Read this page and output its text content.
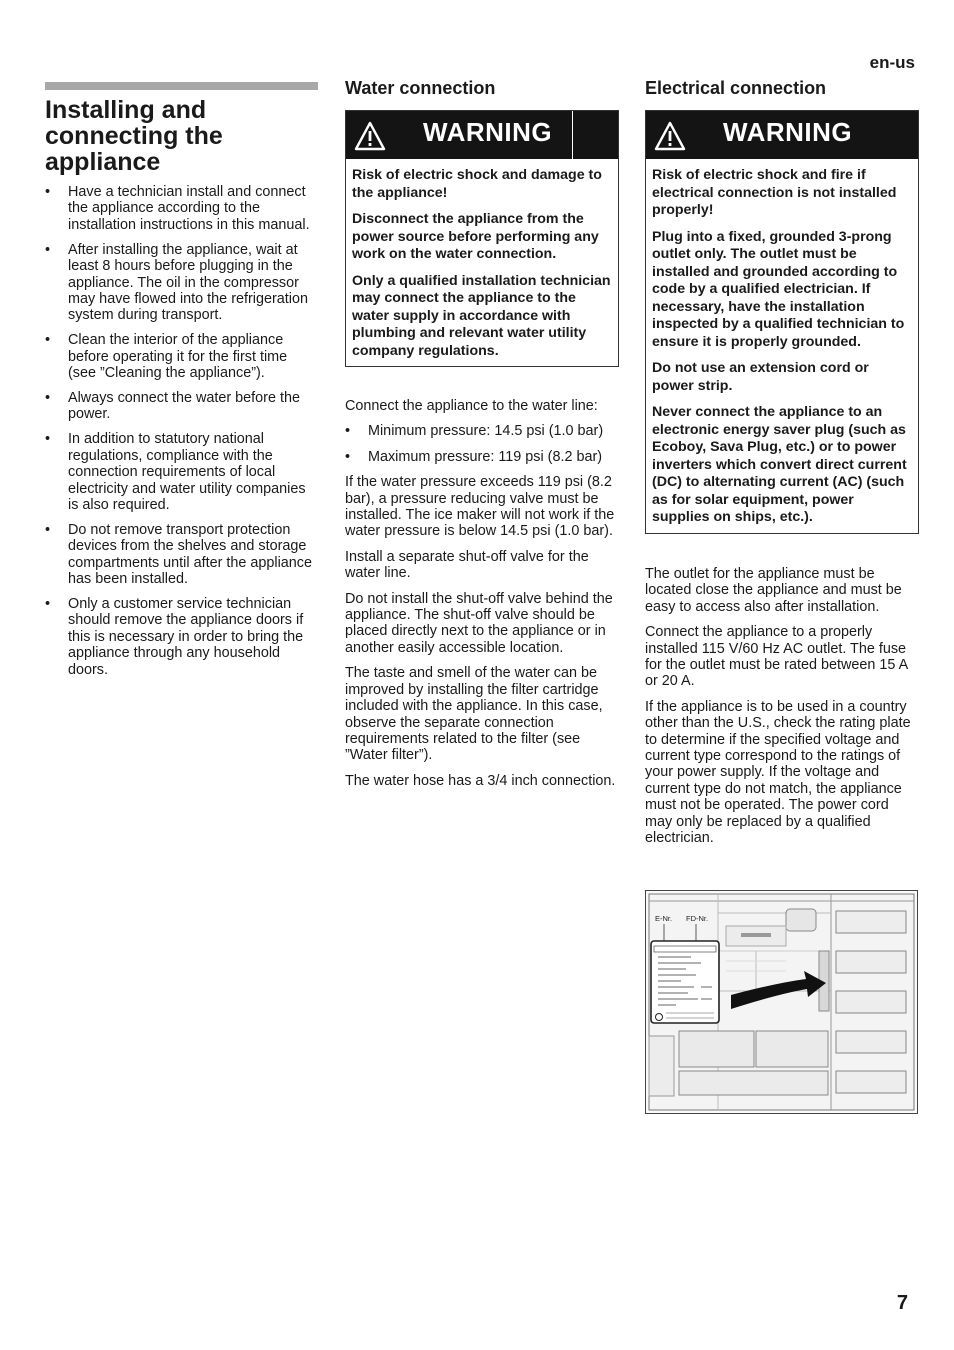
en-us
Installing and
connecting the
appliance
• Have a technician install and connect the appliance according to the installation instructions in this manual.
• After installing the appliance, wait at least 8 hours before plugging in the appliance. The oil in the compressor may have flowed into the refrigeration system during transport.
• Clean the interior of the appliance before operating it for the first time (see ”Cleaning the appliance”).
• Always connect the water before the power.
• In addition to statutory national regulations, compliance with the connection requirements of local electricity and water utility companies is also required.
• Do not remove transport protection devices from the shelves and storage compartments until after the appliance has been installed.
• Only a customer service technician should remove the appliance doors if this is necessary in order to bring the appliance through any household doors.
Water connection
WARNING

Risk of electric shock and damage to the appliance!

Disconnect the appliance from the power source before performing any work on the water connection.

Only a qualified installation technician may connect the appliance to the water supply in accordance with plumbing and relevant water utility company regulations.

Connect the appliance to the water line:

• Minimum pressure: 14.5 psi (1.0 bar)
• Maximum pressure: 119 psi (8.2 bar)

If the water pressure exceeds 119 psi (8.2 bar), a pressure reducing valve must be installed. The ice maker will not work if the water pressure is below 14.5 psi (1.0 bar).

Install a separate shut-off valve for the water line.

Do not install the shut-off valve behind the appliance. The shut-off valve should be placed directly next to the appliance or in another easily accessible location.

The taste and smell of the water can be improved by installing the filter cartridge included with the appliance. In this case, observe the separate connection requirements related to the filter (see ”Water filter”).

The water hose has a 3/4 inch connection.

Electrical connection
WARNING

Risk of electric shock and fire if electrical connection is not installed properly!

Plug into a fixed, grounded 3-prong outlet only. The outlet must be installed and grounded according to code by a qualified electrician. If necessary, have the installation inspected by a qualified technician to ensure it is properly grounded.

Do not use an extension cord or power strip.

Never connect the appliance to an electronic energy saver plug (such as Ecoboy, Sava Plug, etc.) or to power inverters which convert direct current (DC) to alternating current (AC) (such as for solar equipment, power supplies on ships, etc.).

The outlet for the appliance must be located close the appliance and must be easy to access also after installation.

Connect the appliance to a properly installed 115 V/60 Hz AC outlet. The fuse for the outlet must be rated between 15 A or 20 A.

If the appliance is to be used in a country other than the U.S., check the rating plate to determine if the specified voltage and current type correspond to the ratings of your power supply. If the voltage and current type do not match, the appliance must not be operated. The power cord may only be replaced by a qualified electrician.

E-Nr. FD-Nr.
7
